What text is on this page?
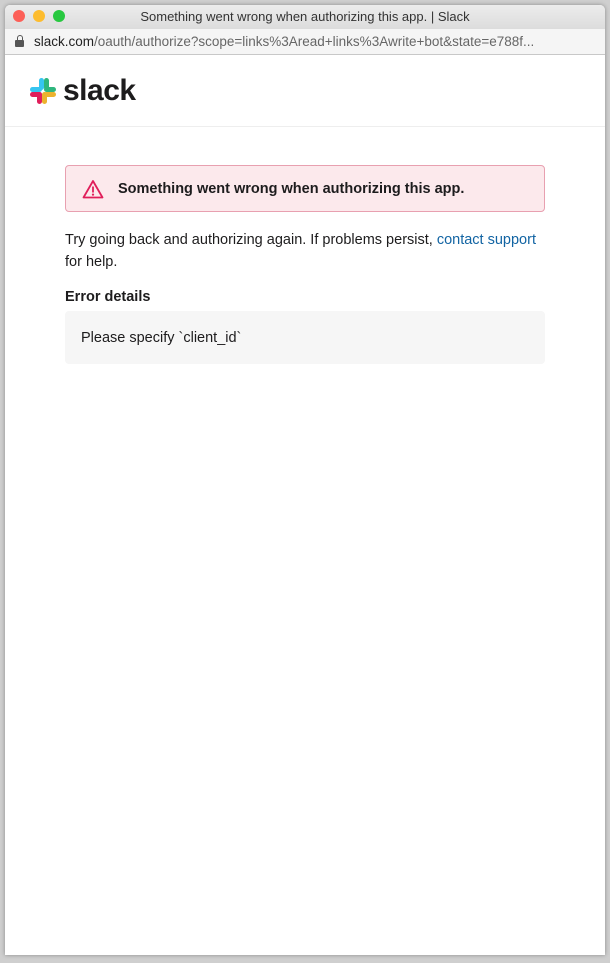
Something went wrong when authorizing this app. | Slack
slack.com /oauth/authorize?scope=links%3Aread+links%3Awrite+bot&state=e788f...
slack
Something went wrong when authorizing this app.

Try going back and authorizing again. If problems persist, contact support for help.

Error details
Please specify `client_id`
